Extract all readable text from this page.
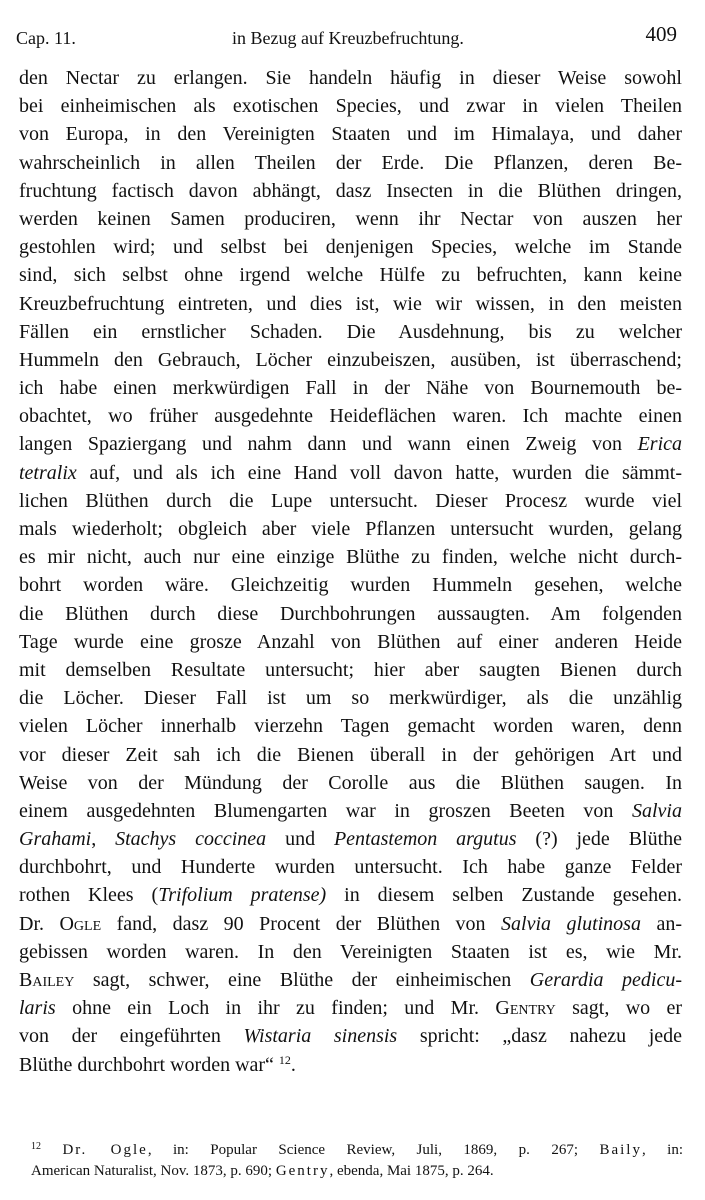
Cap. 11.	in Bezug auf Kreuzbefruchtung.	409
den Nectar zu erlangen. Sie handeln häufig in dieser Weise sowohl
bei einheimischen als exotischen Species, und zwar in vielen Theilen
von Europa, in den Vereinigten Staaten und im Himalaya, und daher
wahrscheinlich in allen Theilen der Erde. Die Pflanzen, deren Be-
fruchtung factisch davon abhängt, dasz Insecten in die Blüthen dringen,
werden keinen Samen produciren, wenn ihr Nectar von auszen her
gestohlen wird; und selbst bei denjenigen Species, welche im Stande
sind, sich selbst ohne irgend welche Hülfe zu befruchten, kann keine
Kreuzbefruchtung eintreten, und dies ist, wie wir wissen, in den meisten
Fällen ein ernstlicher Schaden. Die Ausdehnung, bis zu welcher
Hummeln den Gebrauch, Löcher einzubeiszen, ausüben, ist überraschend;
ich habe einen merkwürdigen Fall in der Nähe von Bournemouth be-
obachtet, wo früher ausgedehnte Heideflächen waren. Ich machte einen
langen Spaziergang und nahm dann und wann einen Zweig von Erica
tetralix auf, und als ich eine Hand voll davon hatte, wurden die sämmt-
lichen Blüthen durch die Lupe untersucht. Dieser Procesz wurde viel
mals wiederholt; obgleich aber viele Pflanzen untersucht wurden, gelang
es mir nicht, auch nur eine einzige Blüthe zu finden, welche nicht durch-
bohrt worden wäre. Gleichzeitig wurden Hummeln gesehen, welche
die Blüthen durch diese Durchbohrungen aussaugten. Am folgenden
Tage wurde eine grosze Anzahl von Blüthen auf einer anderen Heide
mit demselben Resultate untersucht; hier aber saugten Bienen durch
die Löcher. Dieser Fall ist um so merkwürdiger, als die unzählig
vielen Löcher innerhalb vierzehn Tagen gemacht worden waren, denn
vor dieser Zeit sah ich die Bienen überall in der gehörigen Art und
Weise von der Mündung der Corolle aus die Blüthen saugen. In
einem ausgedehnten Blumengarten war in groszen Beeten von Salvia
Grahami, Stachys coccinea und Pentastemon argutus (?) jede Blüthe
durchbohrt, und Hunderte wurden untersucht. Ich habe ganze Felder
rothen Klees (Trifolium pratense) in diesem selben Zustande gesehen.
Dr. Ogle fand, dasz 90 Procent der Blüthen von Salvia glutinosa an-
gebissen worden waren. In den Vereinigten Staaten ist es, wie Mr.
Bailey sagt, schwer, eine Blüthe der einheimischen Gerardia pedicu-
laris ohne ein Loch in ihr zu finden; und Mr. Gentry sagt, wo er
von der eingeführten Wistaria sinensis spricht: „dasz nahezu jede
Blüthe durchbohrt worden war“ $^{12}$.
$^{12}$ Dr. Ogle, in: Popular Science Review, Juli, 1869, p. 267; Baily, in:
American Naturalist, Nov. 1873, p. 690; Gentry, ebenda, Mai 1875, p. 264.
